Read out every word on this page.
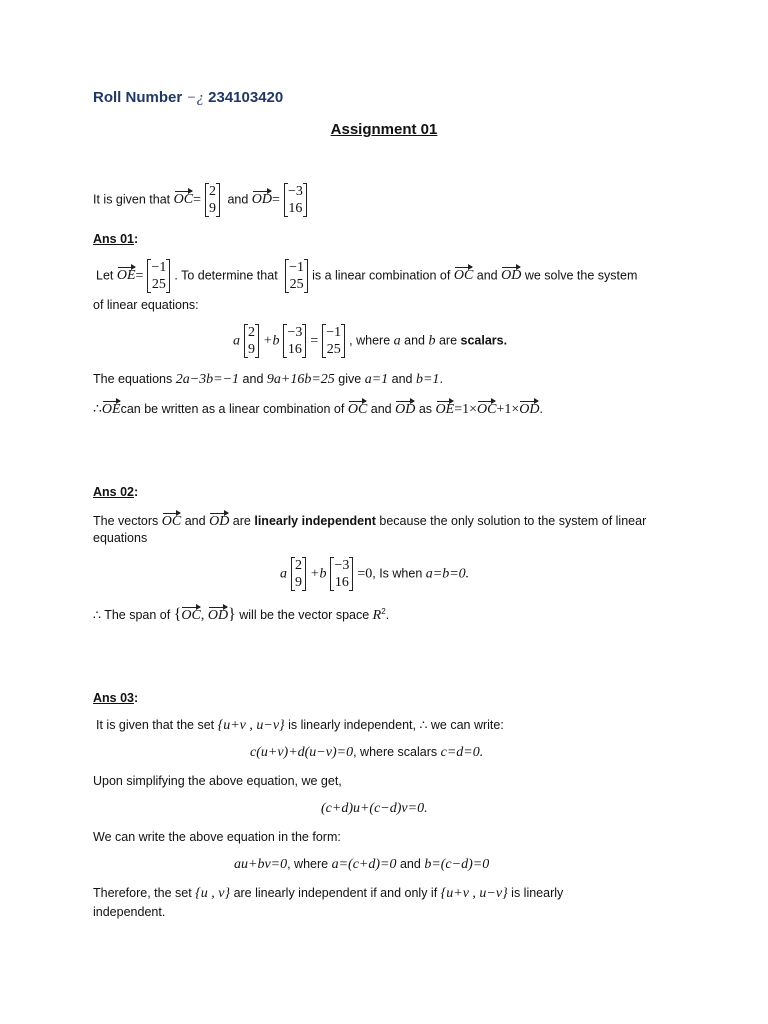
Roll Number −¿ 234103420
Assignment 01
It is given that OC=
2
9
and OD=
−3
16
Ans 01:
Let OE=
−1
25
. To determine that
−1
25
is a linear combination of OC and OD we solve the system
of linear equations:
a
2
9
+b
−3
16
=
−1
25
, where a and b are scalars.
The equations 2a−3b=−1 and 9a+16b=25 give a=1 and b=1.
∴OEcan be written as a linear combination of OC and OD as OE=1×OC+1×OD.
Ans 02:
The vectors OC and OD are linearly independent because the only solution to the system of linear
equations
a
2
9
+b
−3
16
=0, Is when a=b=0.
∴ The span of {OC, OD} will be the vector space $R^2$.
Ans 03:
It is given that the set {u+v , u−v} is linearly independent, ∴ we can write:
c(u+v)+d(u−v)=0, where scalars c=d=0.
Upon simplifying the above equation, we get,
(c+d)u+(c−d)v=0.
We can write the above equation in the form:
au+bv=0, where a=(c+d)=0 and b=(c−d)=0
Therefore, the set {u , v} are linearly independent if and only if {u+v , u−v} is linearly
independent.
